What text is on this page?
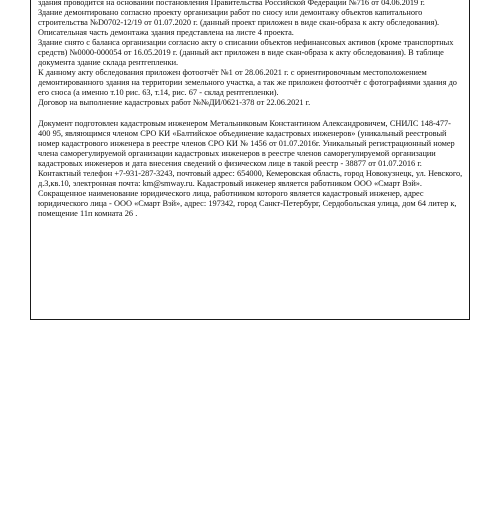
здания проводится на основании постановления Правительства Российской Федерации №716 от 04.06.2019 г.

Здание демонтировано согласно проекту организации работ по сносу или демонтажу объектов капитального строительства №D0702-12/19 от 01.07.2020 г. (данный проект приложен в виде скан-образа к акту обследования). Описательная часть демонтажа здания представлена на листе 4 проекта.

Здание снято с баланса организации согласно акту о списании объектов нефинансовых активов (кроме транспортных средств) №0000-000054 от 16.05.2019 г. (данный акт приложен в виде скан-образа к акту обследования). В таблице документа здание склада рентгепленки.

К данному акту обследования приложен фотоотчёт №1 от 28.06.2021 г. с ориентировочным местоположением демонтированного здания на территории земельного участка, а так же приложен фотоотчёт с фотографиями здания до его сноса (а именно т.10 рис. 63, т.14, рис. 67 - склад рентгепленки).

Договор на выполнение кадастровых работ №№ДИ/0621-378 от 22.06.2021 г.

Документ подготовлен кадастровым инженером Метальниковым Константином Александровичем, СНИЛС 148-477-400 95, являющимся членом СРО КИ «Балтийское объединение кадастровых инженеров» (уникальный реестровый номер кадастрового инженера в реестре членов СРО КИ № 1456 от 01.07.2016г. Уникальный регистрационный номер члена саморегулируемой организации кадастровых инженеров в реестре членов саморегулируемой организации кадастровых инженеров и дата внесения сведений о физическом лице в такой реестр - 38877 от 01.07.2016 г. Контактный телефон +7-931-287-3243, почтовый адрес: 654000, Кемеровская область, город Новокузнецк, ул. Невского, д.3,кв.10, электронная почта: km@smway.ru. Кадастровый инженер является работником ООО «Смарт Вэй». Сокращенное наименование юридического лица, работником которого является кадастровый инженер, адрес юридического лица - ООО «Смарт Вэй», адрес: 197342, город Санкт-Петербург, Сердобольская улица, дом 64 литер к, помещение 11п комната 26 .
